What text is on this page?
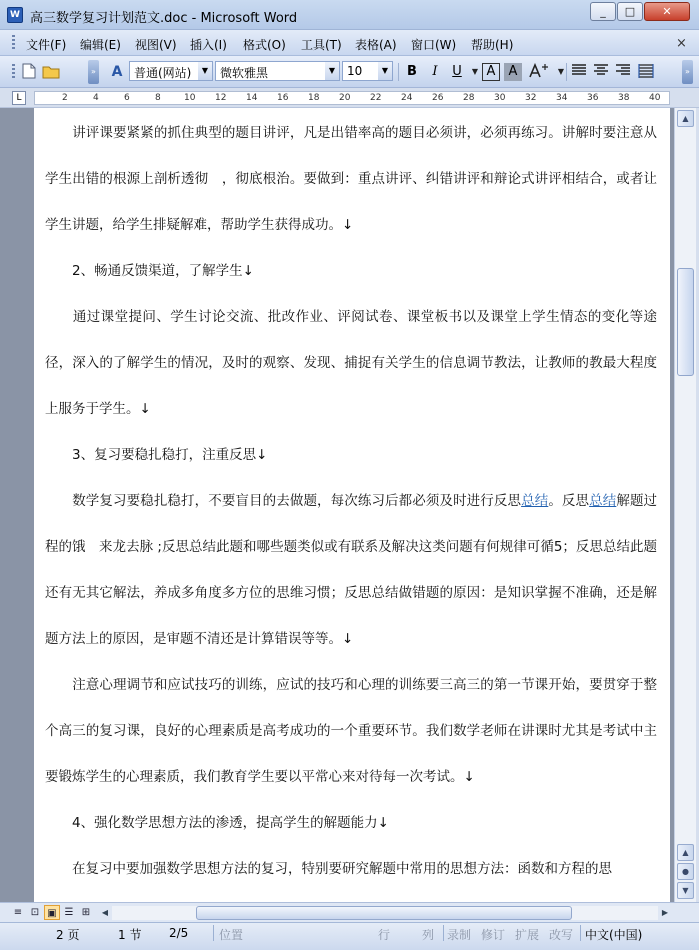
W 高三数学复习计划范文.doc - Microsoft Word	_	□	✕
文件(F) 编辑(E) 视图(V) 插入(I) 格式(O) 工具(T) 表格(A) 窗口(W) 帮助(H)	×
» A 普通(网站)	▼ 微软雅黑	▼ 10	▼	B	I	U	▼ A	A	▼	»
L	2	4	6	8	10 12 14 16 18 20 22 24 26 28 30 32 34 36 38 40

　　讲评课要紧紧的抓住典型的题目讲评，凡是出错率高的题目必须讲，必须再练习。讲解时要注意从学生出错的根源上剖析透彻　，彻底根治。要做到：重点讲评、纠错讲评和辩论式讲评相结合，或者让学生讲题，给学生排疑解难，帮助学生获得成功。↓

　　2、畅通反馈渠道，了解学生↓

　　通过课堂提问、学生讨论交流、批改作业、评阅试卷、课堂板书以及课堂上学生情态的变化等途径，深入的了解学生的情况，及时的观察、发现、捕捉有关学生的信息调节教法，让教师的教最大程度上服务于学生。↓

　　3、复习要稳扎稳打，注重反思↓

　　数学复习要稳扎稳打，不要盲目的去做题，每次练习后都必须及时进行反思总结。反思总结解题过程的饿　来龙去脉 ;反思总结此题和哪些题类似或有联系及解决这类问题有何规律可循5；反思总结此题还有无其它解法，养成多角度多方位的思维习惯；反思总结做错题的原因：是知识掌握不准确，还是解题方法上的原因，是审题不清还是计算错误等等。↓

　　注意心理调节和应试技巧的训练，应试的技巧和心理的训练要三高三的第一节课开始，要贯穿于整个高三的复习课，良好的心理素质是高考成功的一个重要环节。我们数学老师在讲课时尤其是考试中主要锻炼学生的心理素质，我们教育学生要以平常心来对待每一次考试。↓

　　4、强化数学思想方法的渗透，提高学生的解题能力↓

　　在复习中要加强数学思想方法的复习，特别要研究解题中常用的思想方法：函数和方程的思

▲
▲
●
▼
≡ ⊡ ▣ ☰ ⊞	◀	▶
2 页	1 节 2/5	位置	行	列 录制 修订 扩展 改写 中文(中国)
